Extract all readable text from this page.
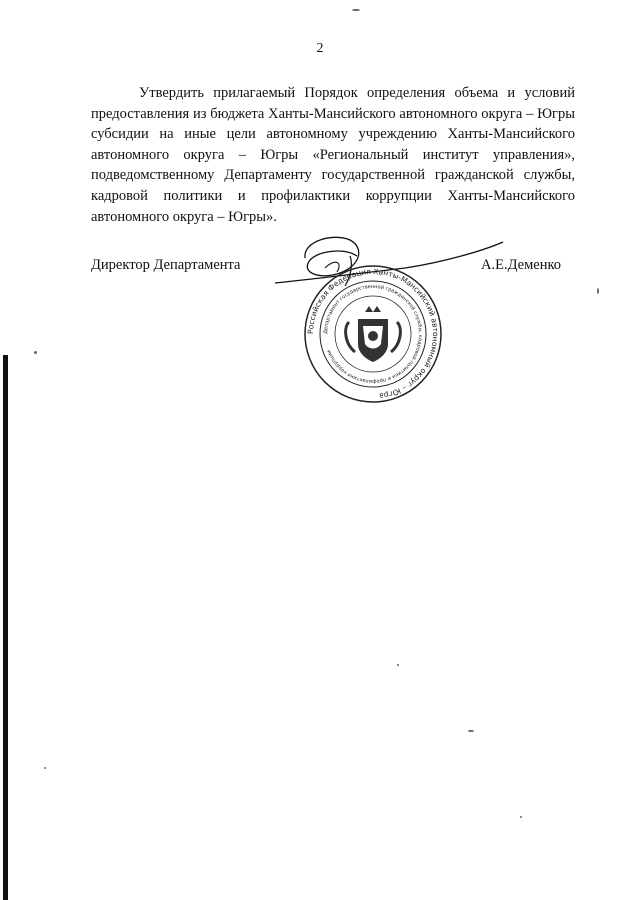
2

Утвердить прилагаемый Порядок определения объема и условий предоставления из бюджета Ханты-Мансийского автономного округа – Югры субсидии на иные цели автономному учреждению Ханты-Мансийского автономного округа – Югры «Региональный институт управления», подведомственному Департаменту государственной гражданской службы, кадровой политики и профилактики коррупции Ханты-Мансийского автономного округа – Югры».

Директор Департамента
Российская Федерация Ханты-Мансийский автономный округ – Югра
Департамент государственной гражданской службы, кадровой политики и профилактики коррупции
А.Е.Деменко
